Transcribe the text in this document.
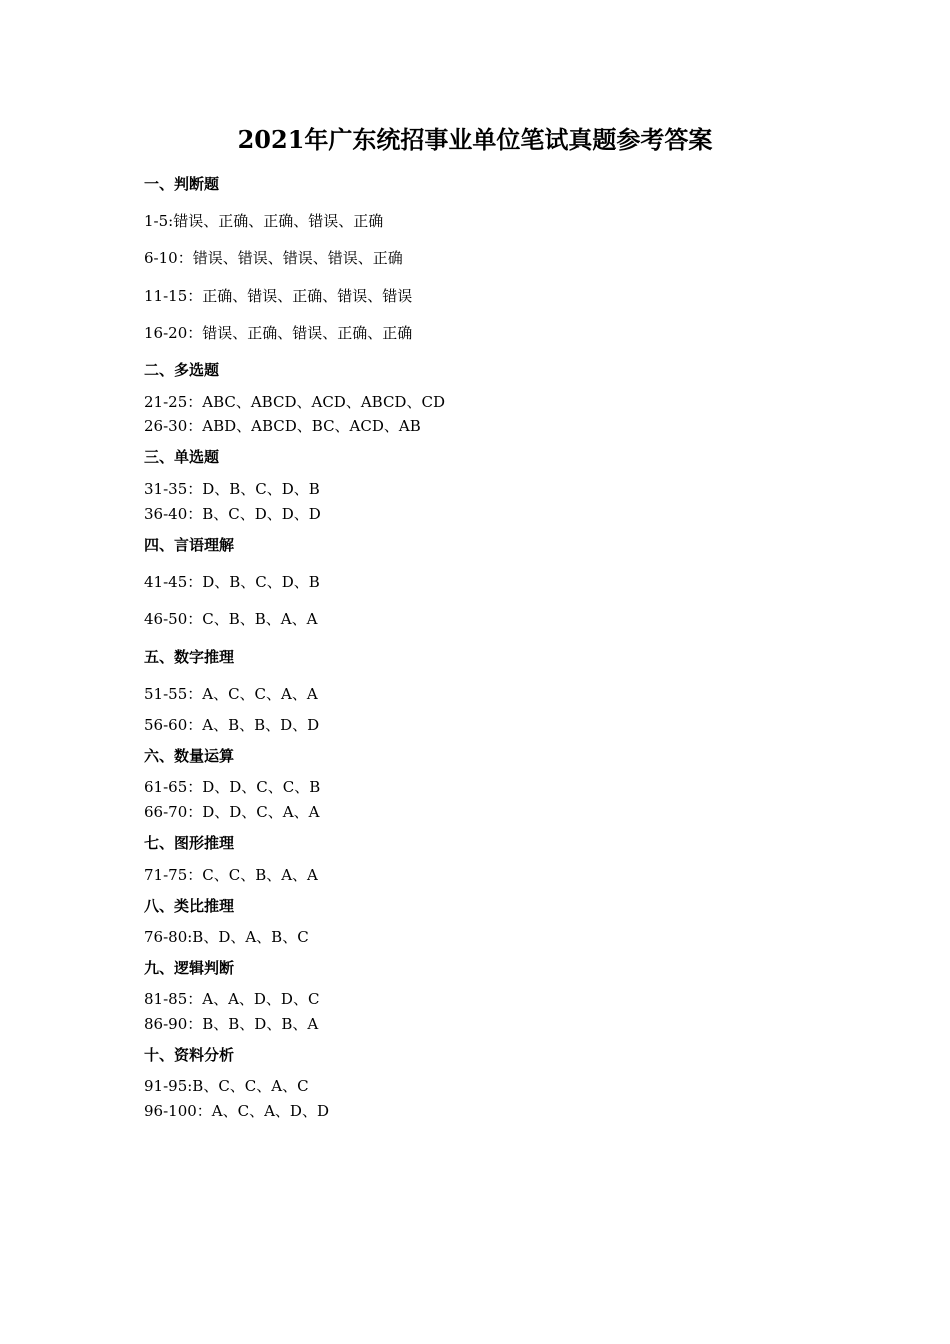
2021年广东统招事业单位笔试真题参考答案
一、判断题
1-5:错误、正确、正确、错误、正确
6-10：错误、错误、错误、错误、正确
11-15：正确、错误、正确、错误、错误
16-20：错误、正确、错误、正确、正确
二、多选题
21-25：ABC、ABCD、ACD、ABCD、CD
26-30：ABD、ABCD、BC、ACD、AB
三、单选题
31-35：D、B、C、D、B
36-40：B、C、D、D、D
四、言语理解
41-45：D、B、C、D、B
46-50：C、B、B、A、A
五、数字推理
51-55：A、C、C、A、A
56-60：A、B、B、D、D
六、数量运算
61-65：D、D、C、C、B
66-70：D、D、C、A、A
七、图形推理
71-75：C、C、B、A、A
八、类比推理
76-80:B、D、A、B、C
九、逻辑判断
81-85：A、A、D、D、C
86-90：B、B、D、B、A
十、资料分析
91-95:B、C、C、A、C
96-100：A、C、A、D、D
